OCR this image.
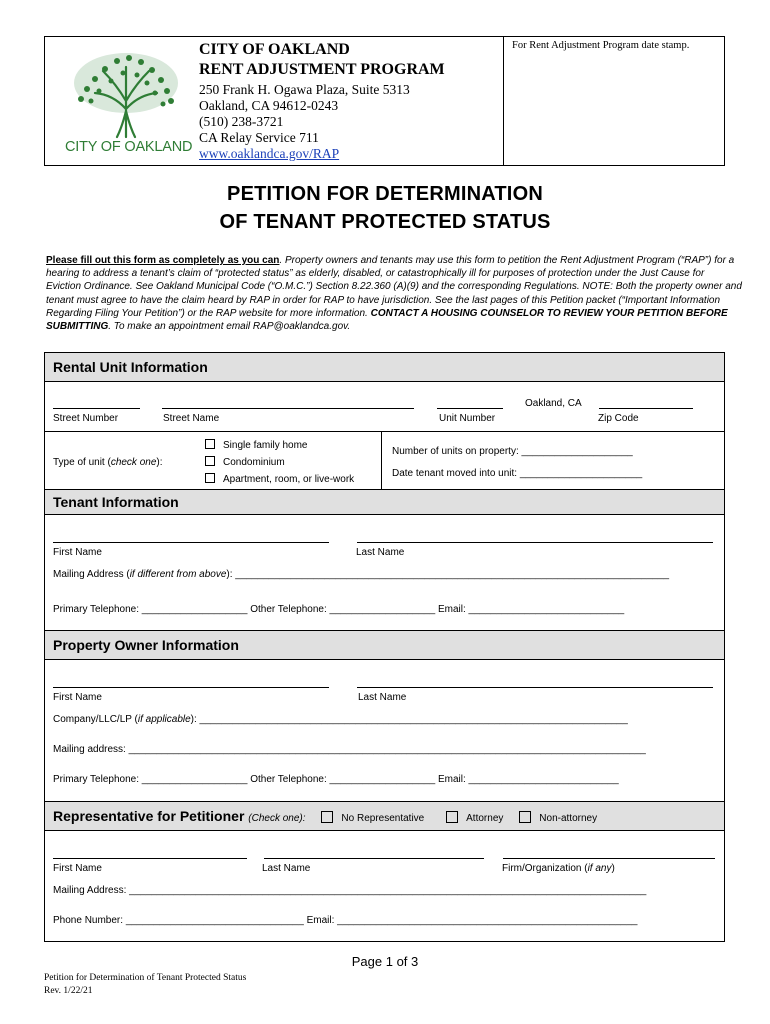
CITY OF OAKLAND
CITY OF OAKLAND
RENT ADJUSTMENT PROGRAM
250 Frank H. Ogawa Plaza, Suite 5313
Oakland, CA 94612-0243
(510) 238-3721
CA Relay Service 711
www.oaklandca.gov/RAP
For Rent Adjustment Program date stamp.
PETITION FOR DETERMINATION
OF TENANT PROTECTED STATUS
Please fill out this form as completely as you can. Property owners and tenants may use this form to petition the Rent Adjustment Program (“RAP”) for a hearing to address a tenant’s claim of “protected status” as elderly, disabled, or catastrophically ill for purposes of protection under the Just Cause for Eviction Ordinance. See Oakland Municipal Code (“O.M.C.”) Section 8.22.360 (A)(9) and the corresponding Regulations. NOTE: Both the property owner and tenant must agree to have the claim heard by RAP in order for RAP to have jurisdiction. See the last pages of this Petition packet (“Important Information Regarding Filing Your Petition”) or the RAP website for more information. CONTACT A HOUSING COUNSELOR TO REVIEW YOUR PETITION BEFORE SUBMITTING. To make an appointment email RAP@oaklandca.gov.
Rental Unit Information
Oakland, CA
Street Number	Street Name	Unit Number	Zip Code
Type of unit (check one):
Single family home
Condominium
Apartment, room, or live-work
Number of units on property: ____________________
Date tenant moved into unit: ______________________
Tenant Information
First Name	Last Name
Mailing Address (if different from above): ______________________________________________________________________________
Primary Telephone: ___________________ Other Telephone: ___________________ Email: ____________________________
Property Owner Information
First Name	Last Name
Company/LLC/LP (if applicable): _____________________________________________________________________________
Mailing address: _____________________________________________________________________________________________
Primary Telephone: ___________________ Other Telephone: ___________________ Email: ___________________________
Representative for Petitioner (Check one):	No Representative	Attorney	Non-attorney
First Name	Last Name	Firm/Organization (if any)
Mailing Address: _____________________________________________________________________________________________
Phone Number: ________________________________ Email: ______________________________________________________
Page 1 of 3
Petition for Determination of Tenant Protected Status
Rev. 1/22/21
